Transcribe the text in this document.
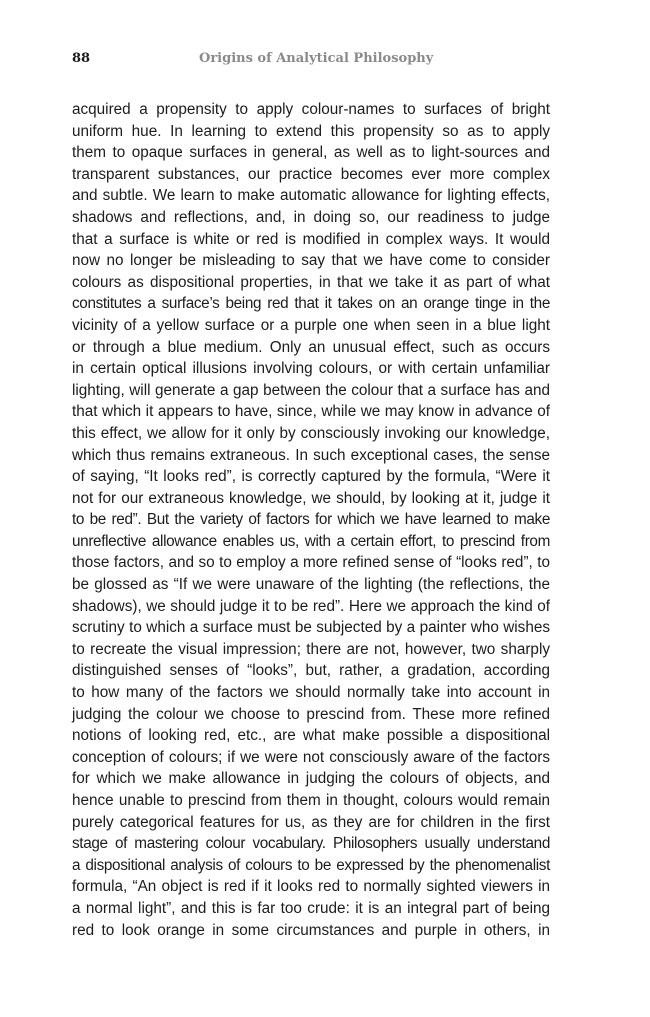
88	Origins of Analytical Philosophy

acquired a propensity to apply colour-names to surfaces of bright
uniform hue. In learning to extend this propensity so as to apply
them to opaque surfaces in general, as well as to light-sources and
transparent substances, our practice becomes ever more complex
and subtle. We learn to make automatic allowance for lighting effects,
shadows and reflections, and, in doing so, our readiness to judge
that a surface is white or red is modified in complex ways. It would
now no longer be misleading to say that we have come to consider
colours as dispositional properties, in that we take it as part of what
constitutes a surface’s being red that it takes on an orange tinge in the
vicinity of a yellow surface or a purple one when seen in a blue light
or through a blue medium. Only an unusual effect, such as occurs
in certain optical illusions involving colours, or with certain unfamiliar
lighting, will generate a gap between the colour that a surface has and
that which it appears to have, since, while we may know in advance of
this effect, we allow for it only by consciously invoking our knowledge,
which thus remains extraneous. In such exceptional cases, the sense
of saying, “It looks red”, is correctly captured by the formula, “Were it
not for our extraneous knowledge, we should, by looking at it, judge it
to be red”. But the variety of factors for which we have learned to make
unreflective allowance enables us, with a certain effort, to prescind from
those factors, and so to employ a more refined sense of “looks red”, to
be glossed as “If we were unaware of the lighting (the reflections, the
shadows), we should judge it to be red”. Here we approach the kind of
scrutiny to which a surface must be subjected by a painter who wishes
to recreate the visual impression; there are not, however, two sharply
distinguished senses of “looks”, but, rather, a gradation, according
to how many of the factors we should normally take into account in
judging the colour we choose to prescind from. These more refined
notions of looking red, etc., are what make possible a dispositional
conception of colours; if we were not consciously aware of the factors
for which we make allowance in judging the colours of objects, and
hence unable to prescind from them in thought, colours would remain
purely categorical features for us, as they are for children in the first
stage of mastering colour vocabulary. Philosophers usually understand
a dispositional analysis of colours to be expressed by the phenomenalist
formula, “An object is red if it looks red to normally sighted viewers in
a normal light”, and this is far too crude: it is an integral part of being
red to look orange in some circumstances and purple in others, in
